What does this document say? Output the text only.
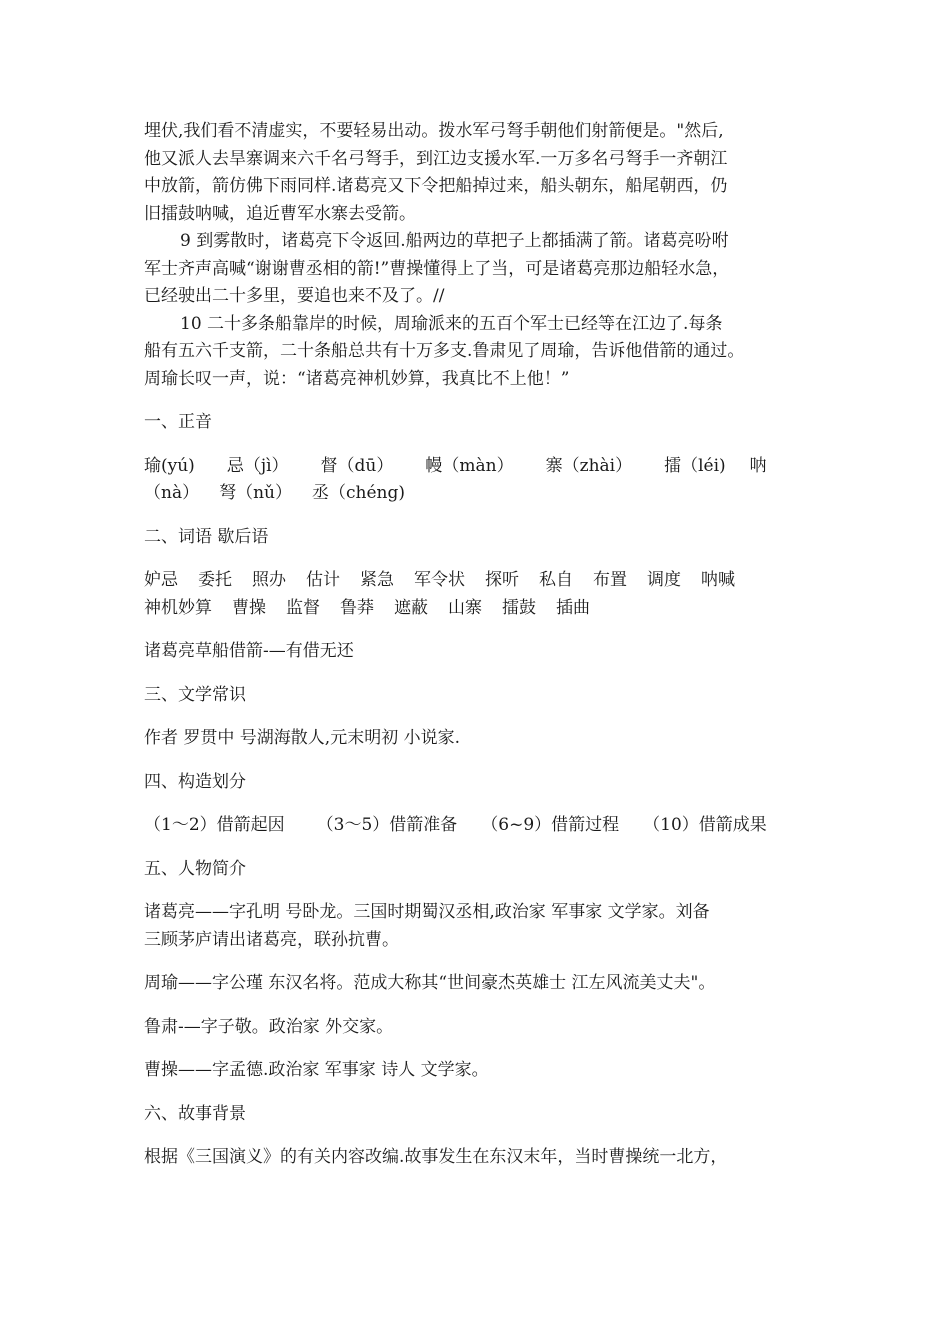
埋伏,我们看不清虚实，不要轻易出动。拨水军弓弩手朝他们射箭便是。"然后,
他又派人去旱寨调来六千名弓弩手，到江边支援水军.一万多名弓弩手一齐朝江
中放箭，箭仿佛下雨同样.诸葛亮又下令把船掉过来，船头朝东，船尾朝西，仍
旧擂鼓呐喊，追近曹军水寨去受箭。

9 到雾散时，诸葛亮下令返回.船两边的草把子上都插满了箭。诸葛亮吩咐
军士齐声高喊“谢谢曹丞相的箭!”曹操懂得上了当，可是诸葛亮那边船轻水急，
已经驶出二十多里，要追也来不及了。//

10 二十多条船靠岸的时候，周瑜派来的五百个军士已经等在江边了.每条
船有五六千支箭，二十条船总共有十万多支.鲁肃见了周瑜，告诉他借箭的通过。
周瑜长叹一声，说：“诸葛亮神机妙算，我真比不上他！”

一、正音

瑜(yú) 忌（jì） 督（dū） 幔（màn） 寨（zhài） 擂（léi) 呐
（nà） 弩（nǔ） 丞（chéng)

二、词语 歇后语

妒忌 委托 照办 估计 紧急 军令状 探听 私自 布置 调度 呐喊
神机妙算 曹操 监督 鲁莽 遮蔽 山寨 擂鼓 插曲

诸葛亮草船借箭-—有借无还

三、文学常识

作者 罗贯中 号湖海散人,元末明初 小说家.

四、构造划分

（1～2）借箭起因 （3～5）借箭准备 （6~9）借箭过程 （10）借箭成果

五、人物简介

诸葛亮——字孔明 号卧龙。三国时期蜀汉丞相,政治家 军事家 文学家。刘备
三顾茅庐请出诸葛亮，联孙抗曹。

周瑜——字公瑾 东汉名将。范成大称其“世间豪杰英雄士 江左风流美丈夫"。

鲁肃-—字子敬。政治家 外交家。

曹操——字孟德.政治家 军事家 诗人 文学家。

六、故事背景

根据《三国演义》的有关内容改编.故事发生在东汉末年，当时曹操统一北方，
